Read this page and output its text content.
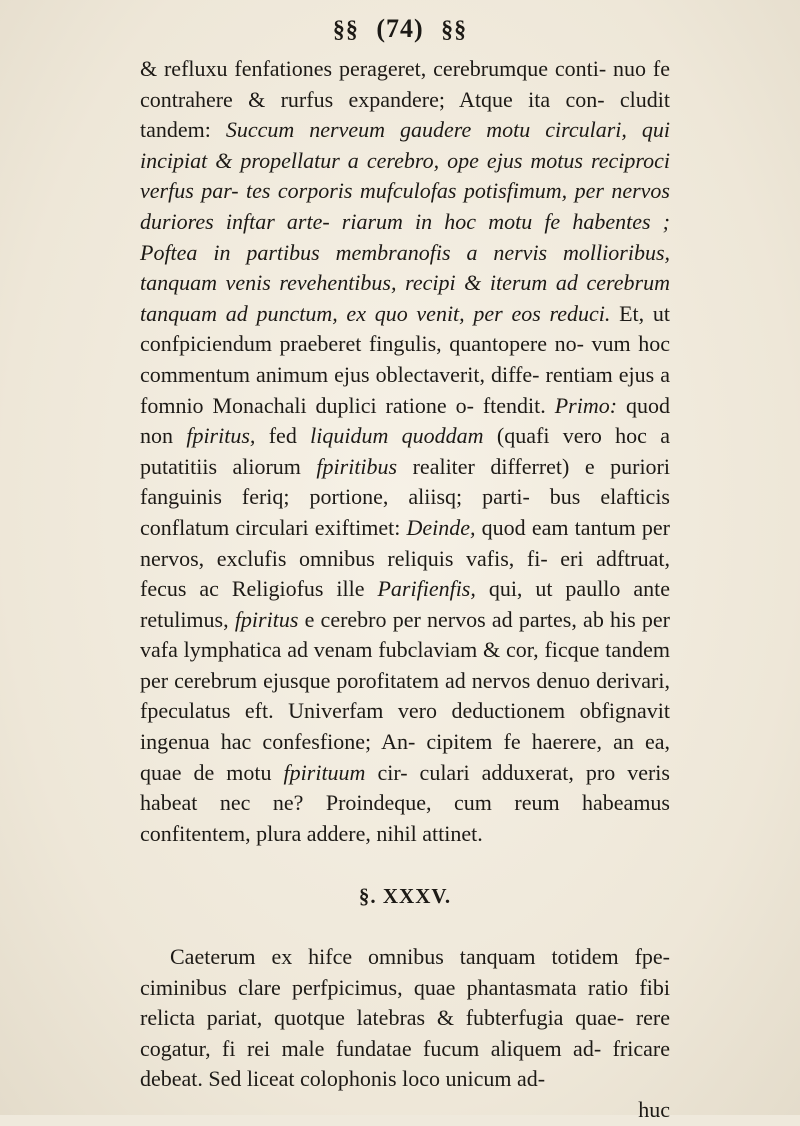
§§ (74) §§

& refluxu fenfationes perageret, cerebrumque conti- nuo fe contrahere & rurfus expandere; Atque ita con- cludit tandem: Succum nerveum gaudere motu circulari, qui incipiat & propellatur a cerebro, ope ejus motus reciproci verfus par- tes corporis mufculofas potisfimum, per nervos duriores inftar arte- riarum in hoc motu fe habentes ; Poftea in partibus membranofis a nervis mollioribus, tanquam venis revehentibus, recipi & iterum ad cerebrum tanquam ad punctum, ex quo venit, per eos reduci. Et, ut confpiciendum praeberet fingulis, quantopere no- vum hoc commentum animum ejus oblectaverit, diffe- rentiam ejus a fomnio Monachali duplici ratione o- ftendit. Primo: quod non fpiritus, fed liquidum quoddam (quafi vero hoc a putatitiis aliorum fpiritibus realiter differret) e puriori fanguinis feriq; portione, aliisq; parti- bus elafticis conflatum circulari exiftimet: Deinde, quod eam tantum per nervos, exclufis omnibus reliquis vafis, fi- eri adftruat, fecus ac Religiofus ille Parifienfis, qui, ut paullo ante retulimus, fpiritus e cerebro per nervos ad partes, ab his per vafa lymphatica ad venam fubclaviam & cor, ficque tandem per cerebrum ejusque porofitatem ad nervos denuo derivari, fpeculatus eft. Univerfam vero deductionem obfignavit ingenua hac confesfione; An- cipitem fe haerere, an ea, quae de motu fpirituum cir- culari adduxerat, pro veris habeat nec ne? Proindeque, cum reum habeamus confitentem, plura addere, nihil attinet.

§. XXXV.

Caeterum ex hifce omnibus tanquam totidem fpe- ciminibus clare perfpicimus, quae phantasmata ratio fibi relicta pariat, quotque latebras & fubterfugia quae- rere cogatur, fi rei male fundatae fucum aliquem ad- fricare debeat. Sed liceat colophonis loco unicum ad-

huc
